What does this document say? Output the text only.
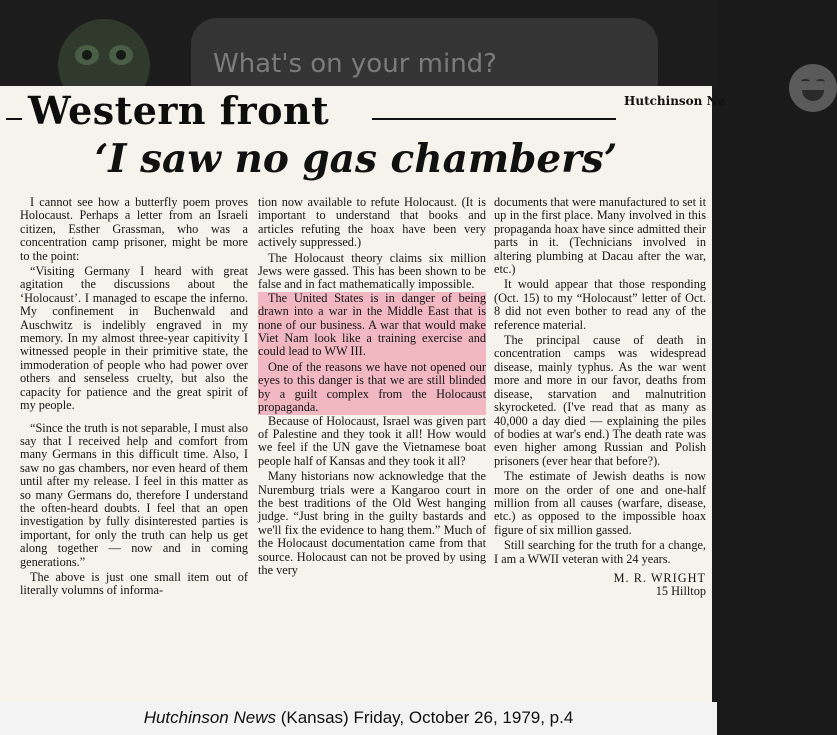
What's on your mind?
Western front	Hutchinson Ne
‘I saw no gas chambers’

I cannot see how a butterfly poem proves Holocaust. Perhaps a letter from an Israeli citizen, Esther Grassman, who was a concentration camp prisoner, might be more to the point:

“Visiting Germany I heard with great agitation the discussions about the ‘Holocaust’. I managed to escape the inferno. My confinement in Buchenwald and Auschwitz is indelibly engraved in my memory. In my almost three-year capitivity I witnessed people in their primitive state, the immoderation of people who had power over others and senseless cruelty, but also the capacity for patience and the great spirit of my people.

“Since the truth is not separable, I must also say that I received help and comfort from many Germans in this difficult time. Also, I saw no gas chambers, nor even heard of them until after my release. I feel in this matter as so many Germans do, therefore I understand the often-heard doubts. I feel that an open investigation by fully disinterested parties is important, for only the truth can help us get along together — now and in coming generations.”

The above is just one small item out of literally volumns of informa-

tion now available to refute Holocaust. (It is important to understand that books and articles refuting the hoax have been very actively suppressed.)

The Holocaust theory claims six million Jews were gassed. This has been shown to be false and in fact mathematically impossible.

The United States is in danger of being drawn into a war in the Middle East that is none of our business. A war that would make Viet Nam look like a training exercise and could lead to WW III.

One of the reasons we have not opened our eyes to this danger is that we are still blinded by a guilt complex from the Holocaust propaganda.

Because of Holocaust, Israel was given part of Palestine and they took it all! How would we feel if the UN gave the Vietnamese boat people half of Kansas and they took it all?

Many historians now acknowledge that the Nuremburg trials were a Kangaroo court in the best traditions of the Old West hanging judge. “Just bring in the guilty bastards and we'll fix the evidence to hang them.” Much of the Holocaust documentation came from that source. Holocaust can not be proved by using the very

documents that were manufactured to set it up in the first place. Many involved in this propaganda hoax have since admitted their parts in it. (Technicians involved in altering plumbing at Dacau after the war, etc.)

It would appear that those responding (Oct. 15) to my “Holocaust” letter of Oct. 8 did not even bother to read any of the reference material.

The principal cause of death in concentration camps was widespread disease, mainly typhus. As the war went more and more in our favor, deaths from disease, starvation and malnutrition skyrocketed. (I've read that as many as 40,000 a day died — explaining the piles of bodies at war's end.) The death rate was even higher among Russian and Polish prisoners (ever hear that before?).

The estimate of Jewish deaths is now more on the order of one and one-half million from all causes (warfare, disease, etc.) as opposed to the impossible hoax figure of six million gassed.

Still searching for the truth for a change, I am a WWII veteran with 24 years.

M. R. WRIGHT
15 Hilltop
Hutchinson News (Kansas) Friday, October 26, 1979, p.4
